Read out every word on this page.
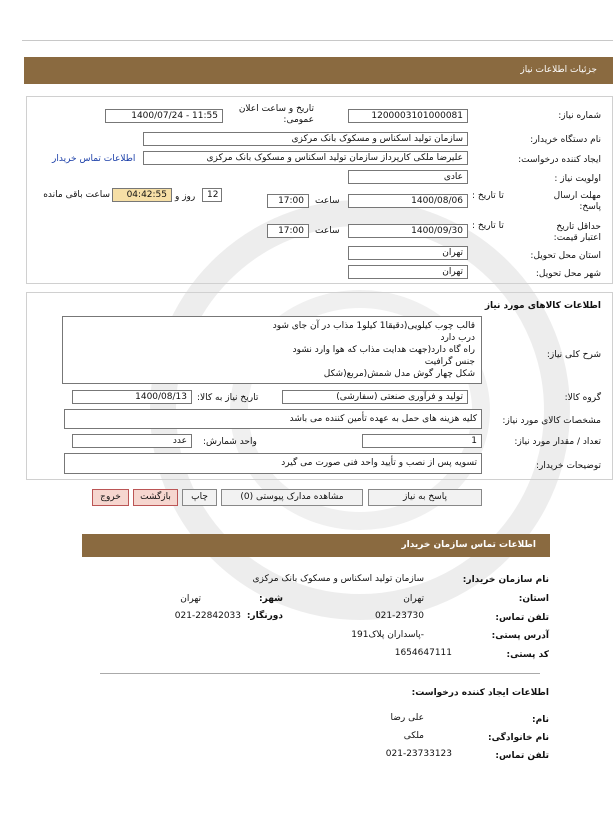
جزئیات اطلاعات نیاز
شماره نیاز:
1200003101000081
تاریخ و ساعت اعلان عمومی:
1400/07/24 - 11:55
نام دستگاه خریدار:
سازمان تولید اسکناس و مسکوک بانک مرکزی
ایجاد کننده درخواست:
علیرضا ملکی کارپرداز سازمان تولید اسکناس و مسکوک بانک مرکزی
اطلاعات تماس خریدار
اولویت نیاز :
عادی
مهلت ارسال پاسخ:
تا تاریخ :
1400/08/06
ساعت
17:00
12
روز و
04:42:55
ساعت باقی مانده
حداقل تاریخ اعتبار قیمت:
تا تاریخ :
1400/09/30
ساعت
17:00
استان محل تحویل:
تهران
شهر محل تحویل:
تهران
اطلاعات کالاهای مورد نیاز
شرح کلی نیاز:
قالب چوب کیلویی(دقیقا1 کیلو1 مذاب در آن جای شود
درب دارد
راه گاه دارد(جهت هدایت مذاب که هوا وارد نشود
جنس گرافیت
شکل چهار گوش مدل شمش(مربع(شکل
گروه کالا:
تولید و فرآوری صنعتی (سفارشی)
تاریخ نیاز به کالا:
1400/08/13
مشخصات کالای مورد نیاز:
کلیه هزینه های حمل به عهده تأمین کننده می باشد
تعداد / مقدار مورد نیاز:
1
واحد شمارش:
عدد
توضیحات خریدار:
تسویه پس از نصب و تأیید واحد فنی صورت می گیرد
پاسخ به نیاز
مشاهده مدارک پیوستی (0)
چاپ
بازگشت
خروج
اطلاعات تماس سازمان خریدار
نام سازمان خریدار:
سازمان تولید اسکناس و مسکوک بانک مرکزی
استان:
تهران
شهر:
تهران
تلفن تماس:
021-23730
دورنگار:
021-22842033
آدرس پستی:
-پاسداران پلاک191
کد پستی:
1654647111
اطلاعات ایجاد کننده درخواست:
نام:
علی رضا
نام خانوادگی:
ملکی
تلفن تماس:
021-23733123
